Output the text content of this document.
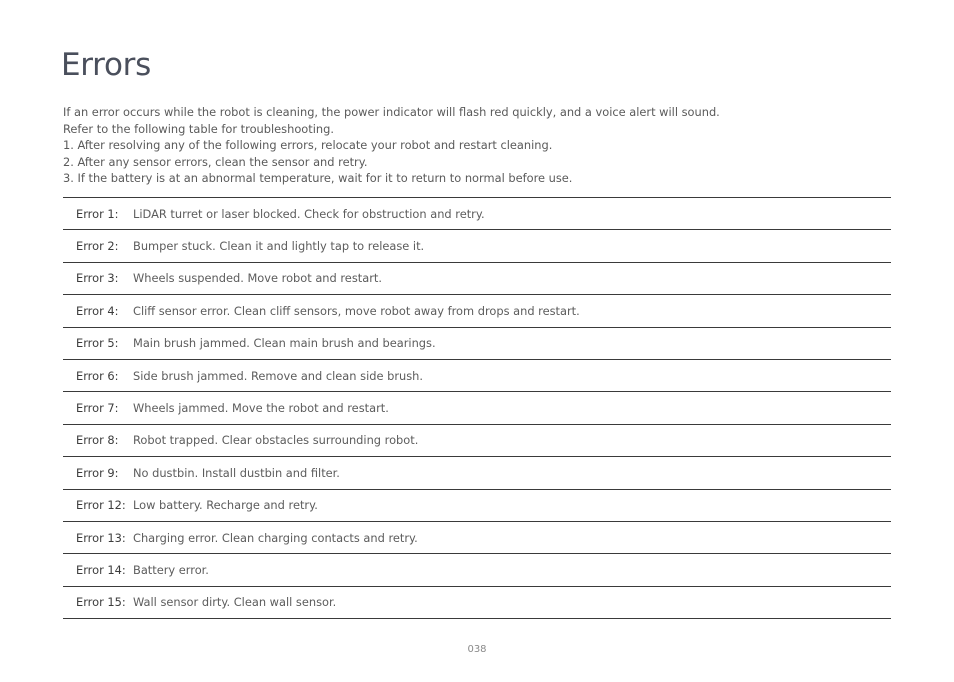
Errors

If an error occurs while the robot is cleaning, the power indicator will flash red quickly, and a voice alert will sound.

Refer to the following table for troubleshooting.

1. After resolving any of the following errors, relocate your robot and restart cleaning.

2. After any sensor errors, clean the sensor and retry.

3. If the battery is at an abnormal temperature, wait for it to return to normal before use.

Error 1:	LiDAR turret or laser blocked. Check for obstruction and retry.
Error 2:	Bumper stuck. Clean it and lightly tap to release it.
Error 3:	Wheels suspended. Move robot and restart.
Error 4:	Cliff sensor error. Clean cliff sensors, move robot away from drops and restart.
Error 5:	Main brush jammed. Clean main brush and bearings.
Error 6:	Side brush jammed. Remove and clean side brush.
Error 7:	Wheels jammed. Move the robot and restart.
Error 8:	Robot trapped. Clear obstacles surrounding robot.
Error 9:	No dustbin. Install dustbin and filter.
Error 12: Low battery. Recharge and retry.
Error 13: Charging error. Clean charging contacts and retry.
Error 14: Battery error.
Error 15: Wall sensor dirty. Clean wall sensor.
038
